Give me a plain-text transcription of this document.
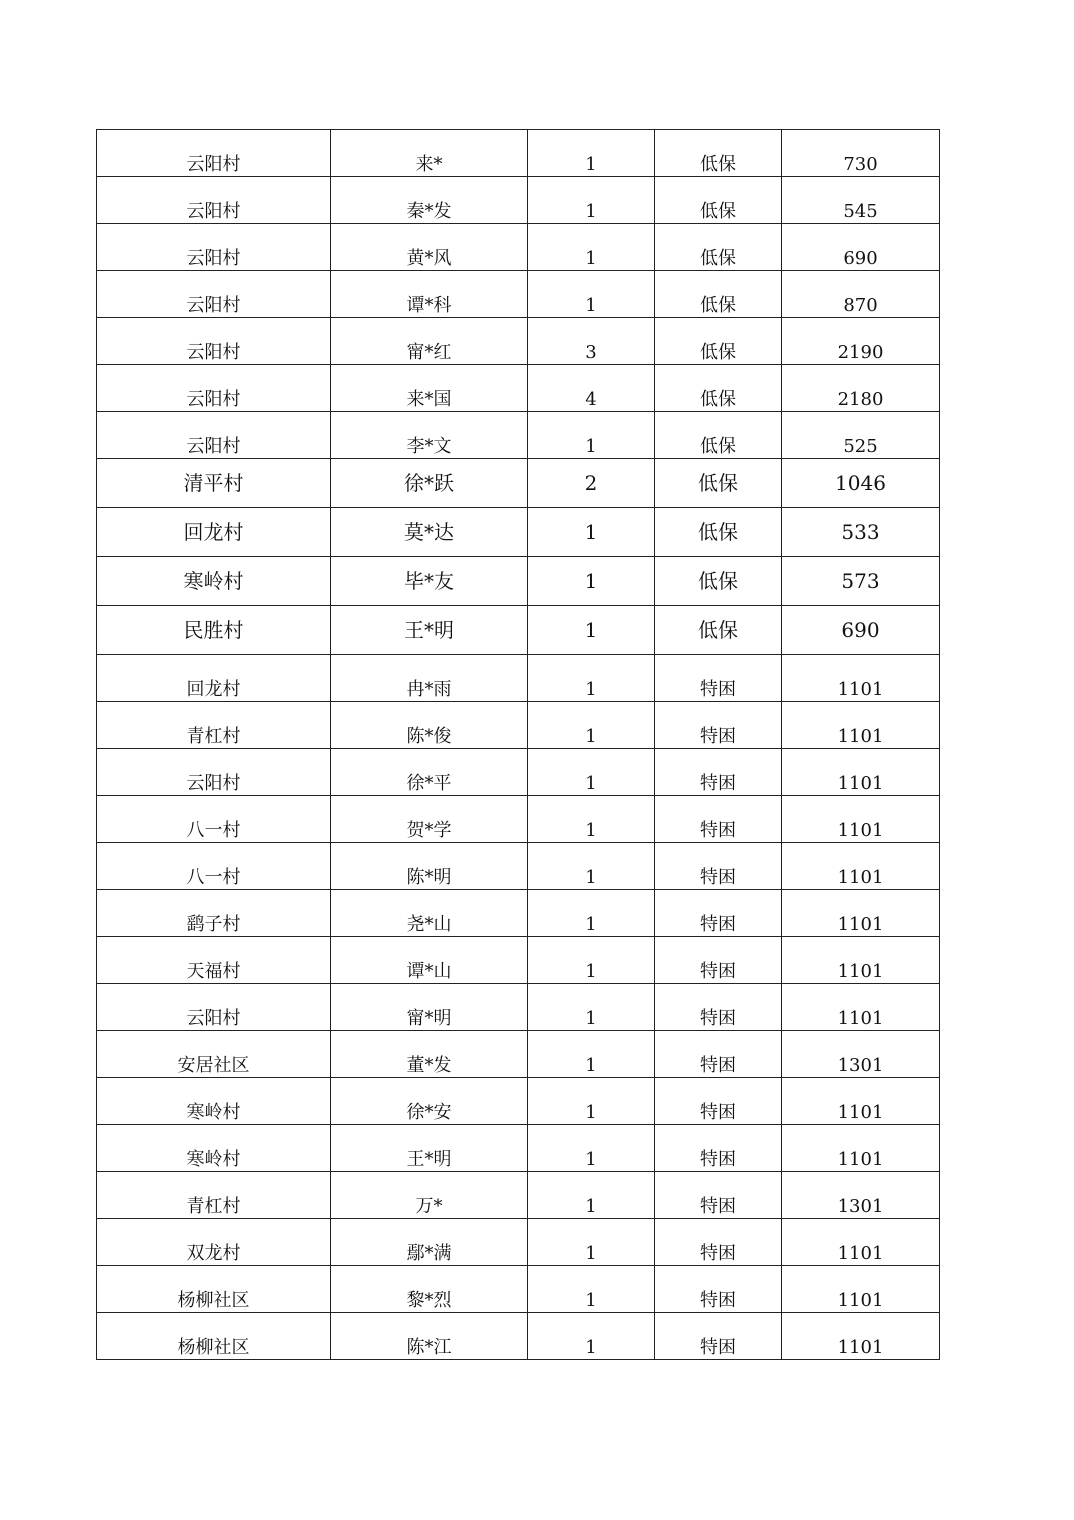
云阳村	来*	1	低保	730
云阳村	秦*发	1	低保	545
云阳村	黄*风	1	低保	690
云阳村	谭*科	1	低保	870
云阳村	甯*红	3	低保	2190
云阳村	来*国	4	低保	2180
云阳村	李*文	1	低保	525
清平村	徐*跃	2	低保	1046
回龙村	莫*达	1	低保	533
寒岭村	毕*友	1	低保	573
民胜村	王*明	1	低保	690
回龙村	冉*雨	1	特困	1101
青杠村	陈*俊	1	特困	1101
云阳村	徐*平	1	特困	1101
八一村	贺*学	1	特困	1101
八一村	陈*明	1	特困	1101
鹞子村	尧*山	1	特困	1101
天福村	谭*山	1	特困	1101
云阳村	甯*明	1	特困	1101
安居社区	董*发	1	特困	1301
寒岭村	徐*安	1	特困	1101
寒岭村	王*明	1	特困	1101
青杠村	万*	1	特困	1301
双龙村	鄢*满	1	特困	1101
杨柳社区	黎*烈	1	特困	1101
杨柳社区	陈*江	1	特困	1101
